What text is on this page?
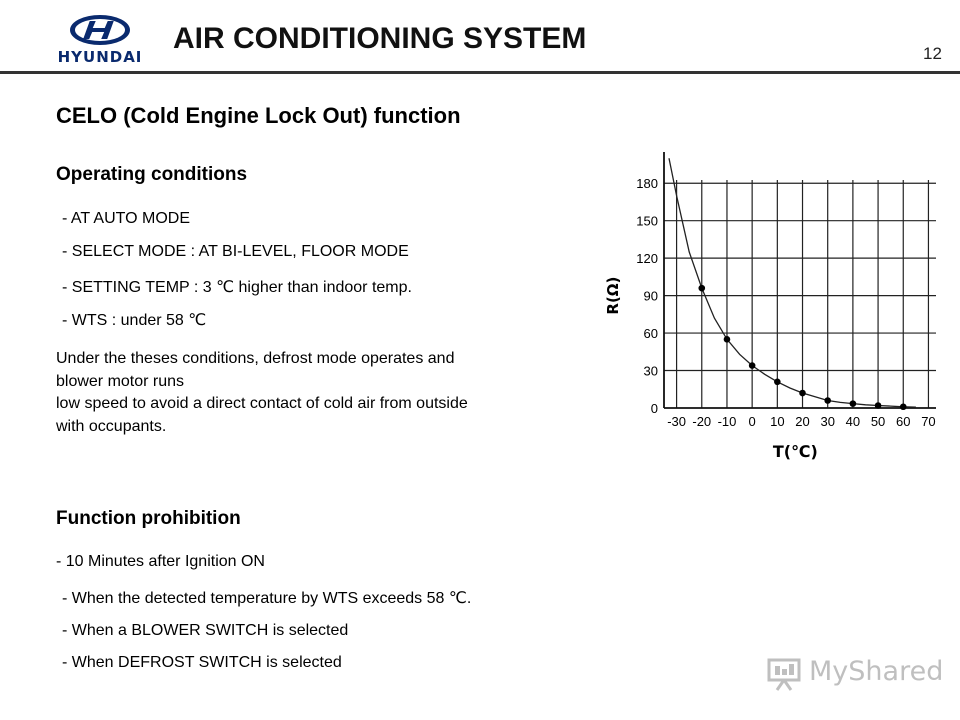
HYUNDAI
AIR CONDITIONING SYSTEM	12
CELO (Cold Engine Lock Out) function
Operating conditions
- AT AUTO MODE
- SELECT MODE : AT BI-LEVEL, FLOOR MODE
- SETTING TEMP : 3 ℃ higher than indoor temp.
- WTS : under 58 ℃
Under the theses conditions, defrost mode operates and
blower motor runs
low speed to avoid a direct contact of cold air from outside
with occupants.
Function prohibition
- 10 Minutes after Ignition ON
- When the detected temperature by WTS exceeds 58 ℃.
- When a BLOWER SWITCH is selected
- When DEFROST SWITCH is selected
0
30
60
90
120
150
180
-30 -20 -10 0 10 20 30 40 50 60 70
R(Ω)
T(℃)
MyShared
